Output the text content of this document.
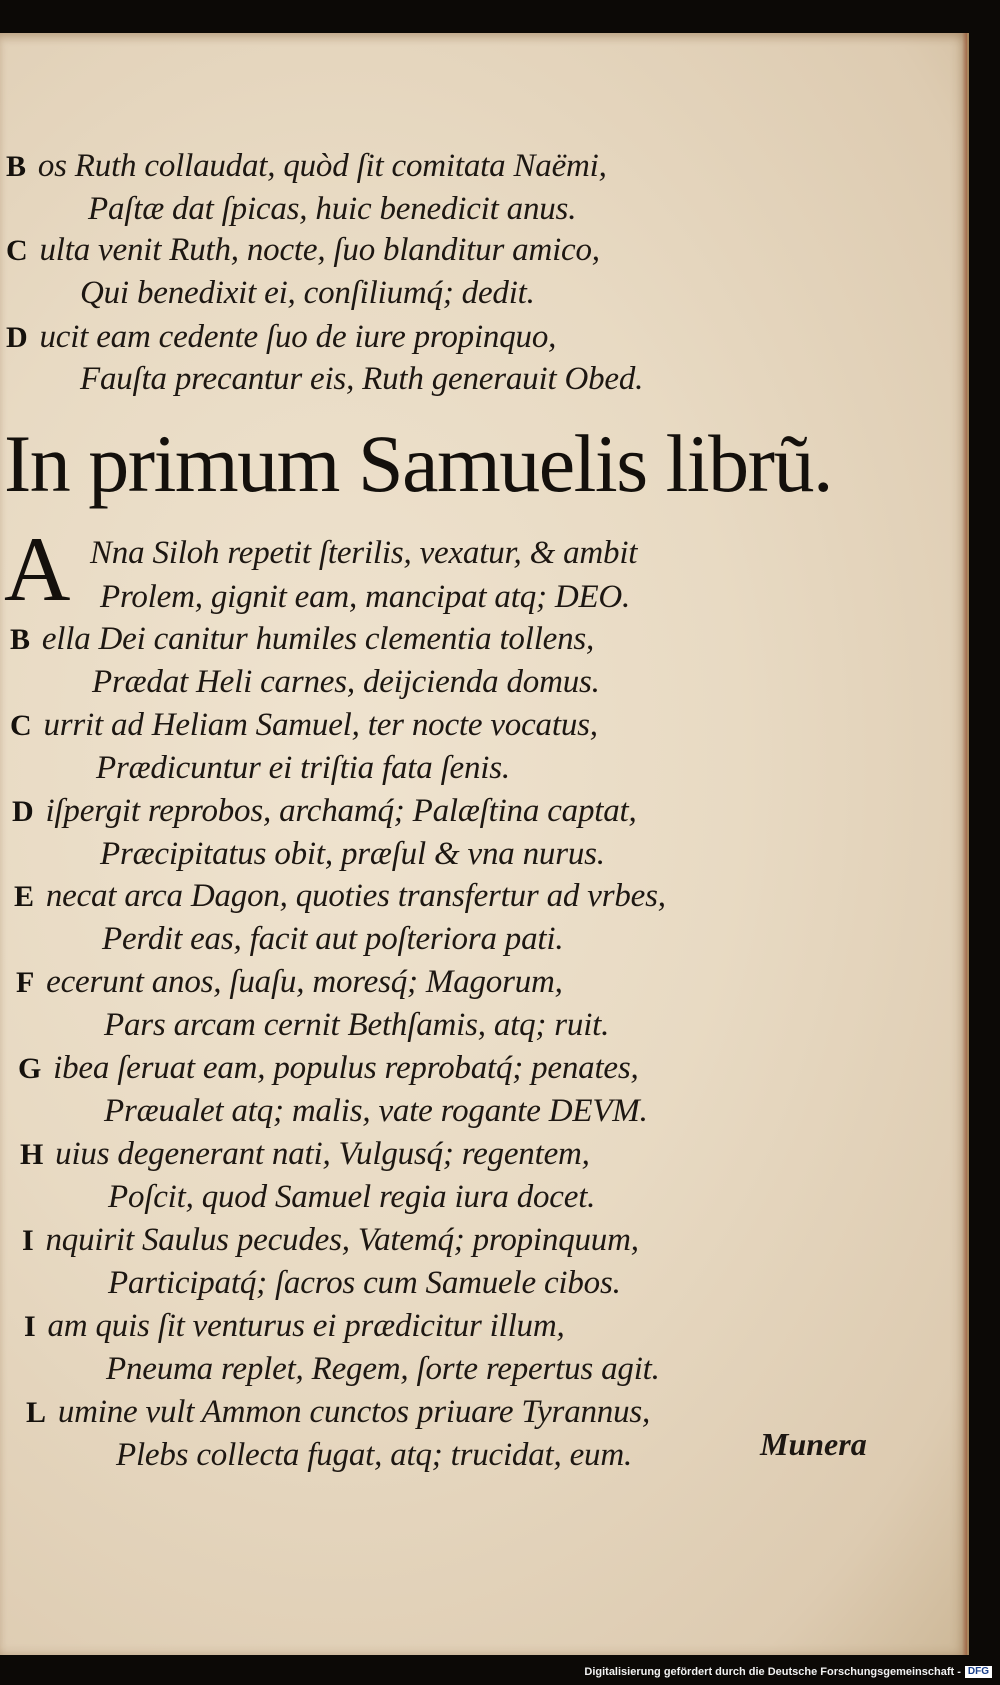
B os Ruth collaudat, quòd ſit comitata Naëmi,
Paſtæ dat ſpicas, huic benedicit anus.
C ulta venit Ruth, nocte, ſuo blanditur amico,
Qui benedixit ei, conſiliumq́; dedit.
D ucit eam cedente ſuo de iure propinquo,
Fauſta precantur eis, Ruth generauit Obed.
In primum Samuelis librũ.
A Nna Siloh repetit ſterilis, vexatur, & ambit
Prolem, gignit eam, mancipat atq; DEO.
B ella Dei canitur humiles clementia tollens,
Prædat Heli carnes, deijcienda domus.
C urrit ad Heliam Samuel, ter nocte vocatus,
Prædicuntur ei triſtia fata ſenis.
D iſpergit reprobos, archamq́; Palæſtina captat,
Præcipitatus obit, præſul & vna nurus.
E necat arca Dagon, quoties transfertur ad vrbes,
Perdit eas, facit aut poſteriora pati.
F ecerunt anos, ſuaſu, moresq́; Magorum,
Pars arcam cernit Bethſamis, atq; ruit.
G ibea ſeruat eam, populus reprobatq́; penates,
Præualet atq; malis, vate rogante DEVM.
H uius degenerant nati, Vulgusq́; regentem,
Poſcit, quod Samuel regia iura docet.
I nquirit Saulus pecudes, Vatemq́; propinquum,
Participatq́; ſacros cum Samuele cibos.
I am quis ſit venturus ei prædicitur illum,
Pneuma replet, Regem, ſorte repertus agit.
L umine vult Ammon cunctos priuare Tyrannus,
Plebs collecta fugat, atq; trucidat, eum.	Munera
Digitalisierung gefördert durch die Deutsche Forschungsgemeinschaft - DFG
